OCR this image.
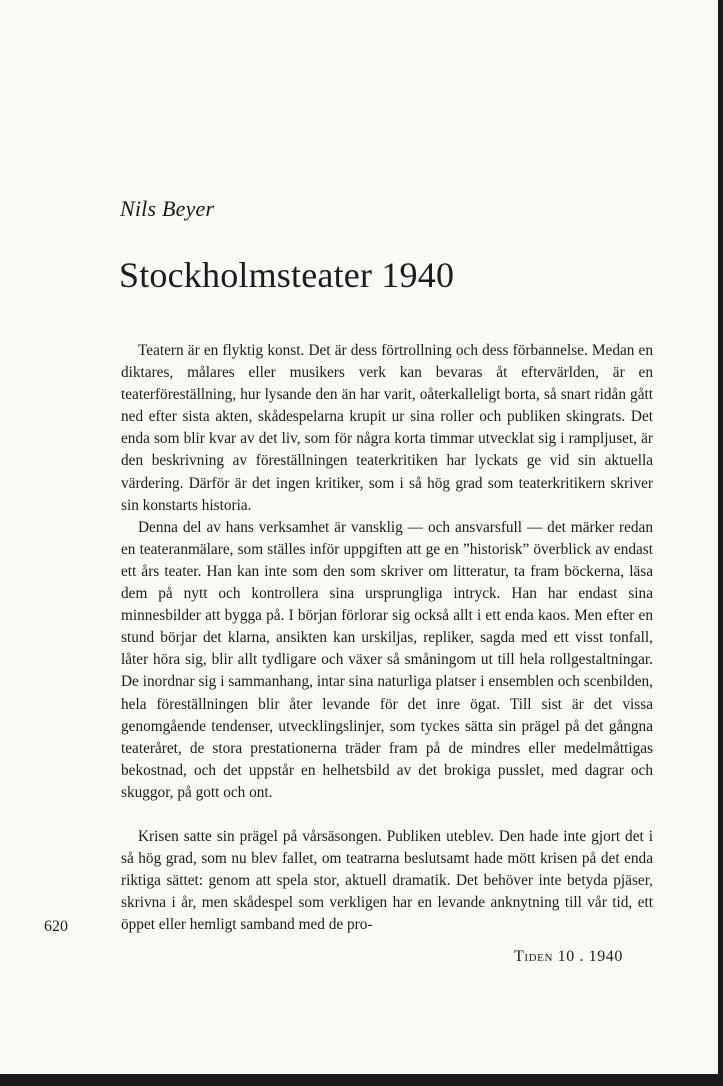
Nils Beyer
Stockholmsteater 1940

Teatern är en flyktig konst. Det är dess förtrollning och dess förbannelse. Medan en diktares, målares eller musikers verk kan bevaras åt eftervärlden, är en teaterföreställning, hur lysande den än har varit, oåterkalleligt borta, så snart ridån gått ned efter sista akten, skådespelarna krupit ur sina roller och publiken skingrats. Det enda som blir kvar av det liv, som för några korta timmar utvecklat sig i rampljuset, är den beskrivning av föreställningen teaterkritiken har lyckats ge vid sin aktuella värdering. Därför är det ingen kritiker, som i så hög grad som teaterkritikern skriver sin konstarts historia.

Denna del av hans verksamhet är vansklig — och ansvarsfull — det märker redan en teateranmälare, som ställes inför uppgiften att ge en ”historisk” överblick av endast ett års teater. Han kan inte som den som skriver om litteratur, ta fram böckerna, läsa dem på nytt och kontrollera sina ursprungliga intryck. Han har endast sina minnesbilder att bygga på. I början förlorar sig också allt i ett enda kaos. Men efter en stund börjar det klarna, ansikten kan urskiljas, repliker, sagda med ett visst tonfall, låter höra sig, blir allt tydligare och växer så småningom ut till hela rollgestaltningar. De inordnar sig i sammanhang, intar sina naturliga platser i ensemblen och scenbilden, hela föreställningen blir åter levande för det inre ögat. Till sist är det vissa genomgående tendenser, utvecklingslinjer, som tyckes sätta sin prägel på det gångna teateråret, de stora prestationerna träder fram på de mindres eller medelmåttigas bekostnad, och det uppstår en helhetsbild av det brokiga pusslet, med dagrar och skuggor, på gott och ont.

Krisen satte sin prägel på vårsäsongen. Publiken uteblev. Den hade inte gjort det i så hög grad, som nu blev fallet, om teatrarna beslutsamt hade mött krisen på det enda riktiga sättet: genom att spela stor, aktuell dramatik. Det behöver inte betyda pjäser, skrivna i år, men skådespel som verkligen har en levande anknytning till vår tid, ett öppet eller hemligt samband med de pro-

620
Tiden 10 . 1940
